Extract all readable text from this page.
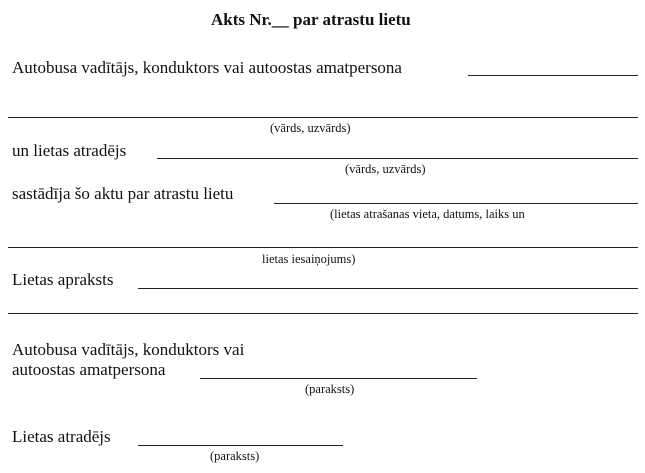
Akts Nr.__ par atrastu lietu
Autobusa vadītājs, konduktors vai autoostas amatpersona
(vārds, uzvārds)
un lietas atradējs
(vārds, uzvārds)
sastādīja šo aktu par atrastu lietu
(lietas atrašanas vieta, datums, laiks un
lietas iesaiņojums)
Lietas apraksts
Autobusa vadītājs, konduktors vai
autoostas amatpersona
(paraksts)
Lietas atradējs
(paraksts)
